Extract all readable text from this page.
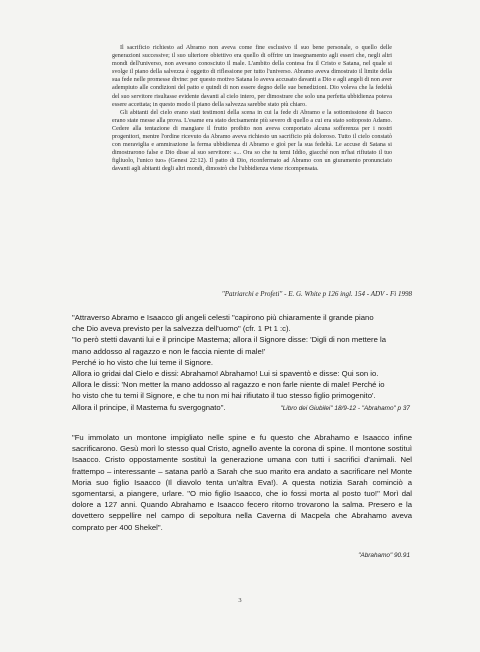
Il sacrificio richiesto ad Abramo non aveva come fine esclusivo il suo bene personale, o quello delle generazioni successive; il suo ulteriore obiettivo era quello di offrire un insegnamento agli esseri che, negli altri mondi dell'universo, non avevano conosciuto il male. L'ambito della contesa fra il Cristo e Satana, nel quale si svolge il piano della salvezza è oggetto di riflessione per tutto l'universo. Abramo aveva dimostrato il limite della sua fede nelle promesse divine: per questo motivo Satana lo aveva accusato davanti a Dio e agli angeli di non aver adempiuto alle condizioni del patto e quindi di non essere degno delle sue benedizioni. Dio voleva che la fedeltà del suo servitore risultasse evidente davanti al cielo intero, per dimostrare che solo una perfetta ubbidienza poteva essere accettata; in questo modo il piano della salvezza sarebbe stato più chiaro.

Gli abitanti del cielo erano stati testimoni della scena in cui la fede di Abramo e la sottomissione di Isacco erano state messe alla prova. L'esame era stato decisamente più severo di quello a cui era stato sottoposto Adamo. Cedere alla tentazione di mangiare il frutto proibito non aveva comportato alcuna sofferenza per i nostri progenitori, mentre l'ordine ricevuto da Abramo aveva richiesto un sacrificio più doloroso. Tutto il cielo constatò con meraviglia e ammirazione la ferma ubbidienza di Abramo e gioì per la sua fedeltà. Le accuse di Satana si dimostrarono false e Dio disse al suo servitore: «... Ora so che tu temi Iddio, giacché non m'hai rifiutato il tuo figliuolo, l'unico tuo» (Genesi 22:12). Il patto di Dio, riconfermato ad Abramo con un giuramento pronunciato davanti agli abitanti degli altri mondi, dimostrò che l'ubbidienza viene ricompensata.

"Patriarchi e Profeti" - E. G. White p 126 ingl. 154 - ADV - Fi 1998
"Attraverso Abramo e Isaacco gli angeli celesti "capirono più chiaramente il grande piano
che Dio aveva previsto per la salvezza dell'uomo" (cfr. 1 Pt 1 :c).
"Io però stetti davanti lui e il principe Mastema; allora il Signore disse: 'Digli di non mettere la
mano addosso al ragazzo e non le faccia niente di male!'
Perché io ho visto che lui teme il Signore.
Allora io gridai dal Cielo e dissi: Abrahamo! Abrahamo! Lui si spaventò e disse: Qui son io.
Allora le dissi: 'Non metter la mano addosso al ragazzo e non farle niente di male! Perché io
ho visto che tu temi il Signore, e che tu non mi hai rifiutato il tuo stesso figlio primogenito'.
Allora il principe, il Mastema fu svergognato".	"Libro dei Giubilei" 18/9-12 - "Abrahamo" p 37
"Fu immolato un montone impigliato nelle spine e fu questo che Abrahamo e Isaacco infine sacrificarono. Gesù morì lo stesso qual Cristo, agnello avente la corona di spine. Il montone sostituì Isaacco. Cristo oppostamente sostituì la generazione umana con tutti i sacrifici d'animali. Nel frattempo – interessante – satana parlò a Sarah che suo marito era andato a sacrificare nel Monte Moria suo figlio Isaacco (Il diavolo tenta un'altra Eva!). A questa notizia Sarah cominciò a sgomentarsi, a piangere, urlare. "O mio figlio Isaacco, che io fossi morta al posto tuo!" Morì dal dolore a 127 anni. Quando Abrahamo e Isaacco fecero ritorno trovarono la salma. Presero e la dovettero seppellire nel campo di sepoltura nella Caverna di Macpela che Abrahamo aveva comprato per 400 Shekel".
"Abrahamo" 90.91
3
